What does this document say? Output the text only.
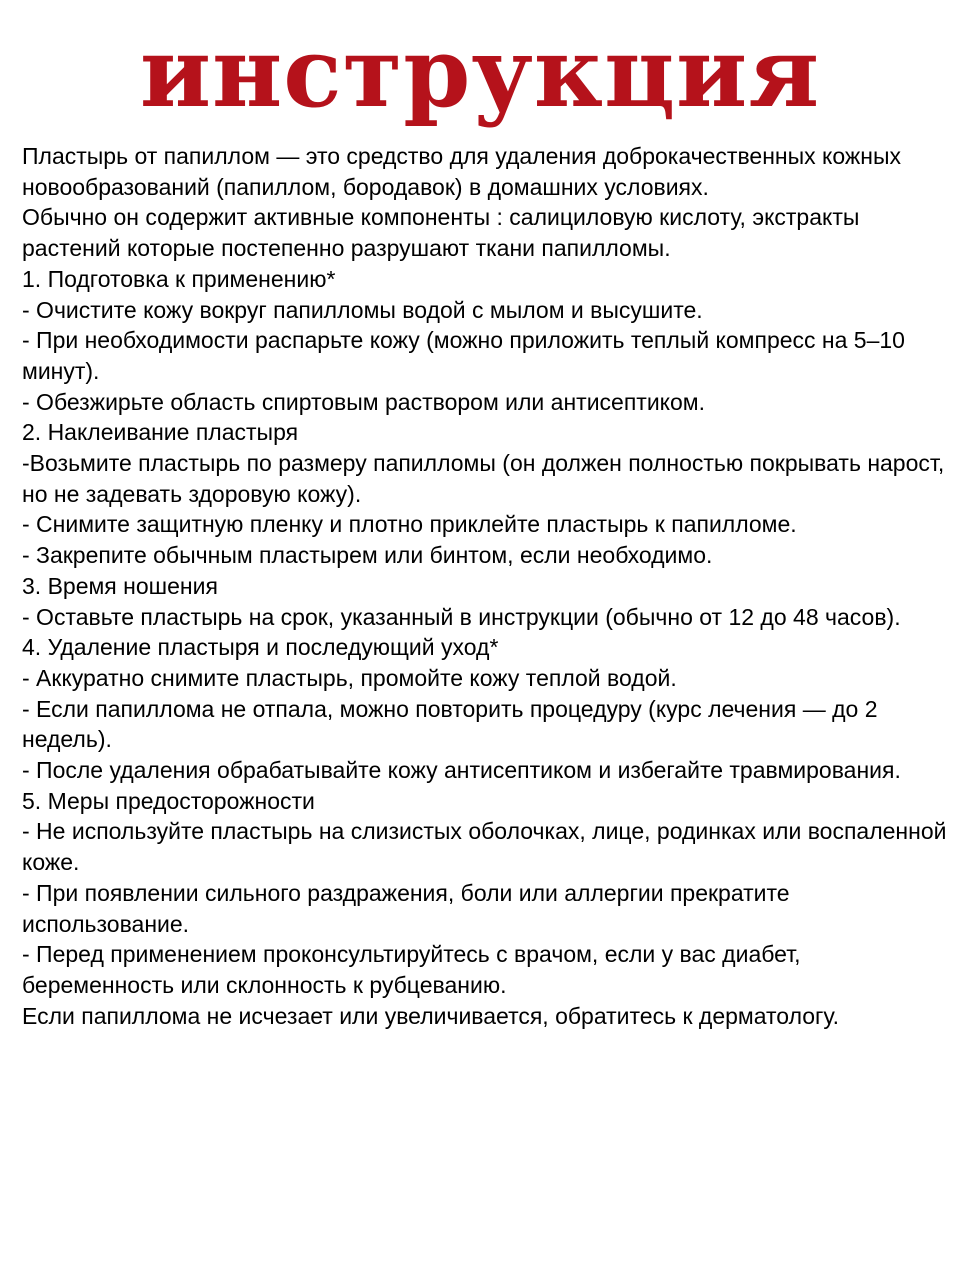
инструкция

Пластырь от папиллом — это средство для удаления доброкачественных кожных новообразований (папиллом, бородавок) в домашних условиях.

Обычно он содержит активные компоненты : салициловую кислоту, экстракты растений которые постепенно разрушают ткани папилломы.

1. Подготовка к применению*

- Очистите кожу вокруг папилломы водой с мылом и высушите.

- При необходимости распарьте кожу (можно приложить теплый компресс на 5–10 минут).

- Обезжирьте область спиртовым раствором или антисептиком.

2. Наклеивание пластыря

-Возьмите пластырь по размеру папилломы (он должен полностью покрывать нарост, но не задевать здоровую кожу).

- Снимите защитную пленку и плотно приклейте пластырь к папилломе.

- Закрепите обычным пластырем или бинтом, если необходимо.

3. Время ношения

- Оставьте пластырь на срок, указанный в инструкции (обычно от 12 до 48 часов).

4. Удаление пластыря и последующий уход*

- Аккуратно снимите пластырь, промойте кожу теплой водой.

- Если папиллома не отпала, можно повторить процедуру (курс лечения — до 2 недель).

- После удаления обрабатывайте кожу антисептиком и избегайте травмирования.

5. Меры предосторожности

- Не используйте пластырь на слизистых оболочках, лице, родинках или воспаленной коже.

- При появлении сильного раздражения, боли или аллергии прекратите использование.

- Перед применением проконсультируйтесь с врачом, если у вас диабет, беременность или склонность к рубцеванию.

Если папиллома не исчезает или увеличивается, обратитесь к дерматологу.
